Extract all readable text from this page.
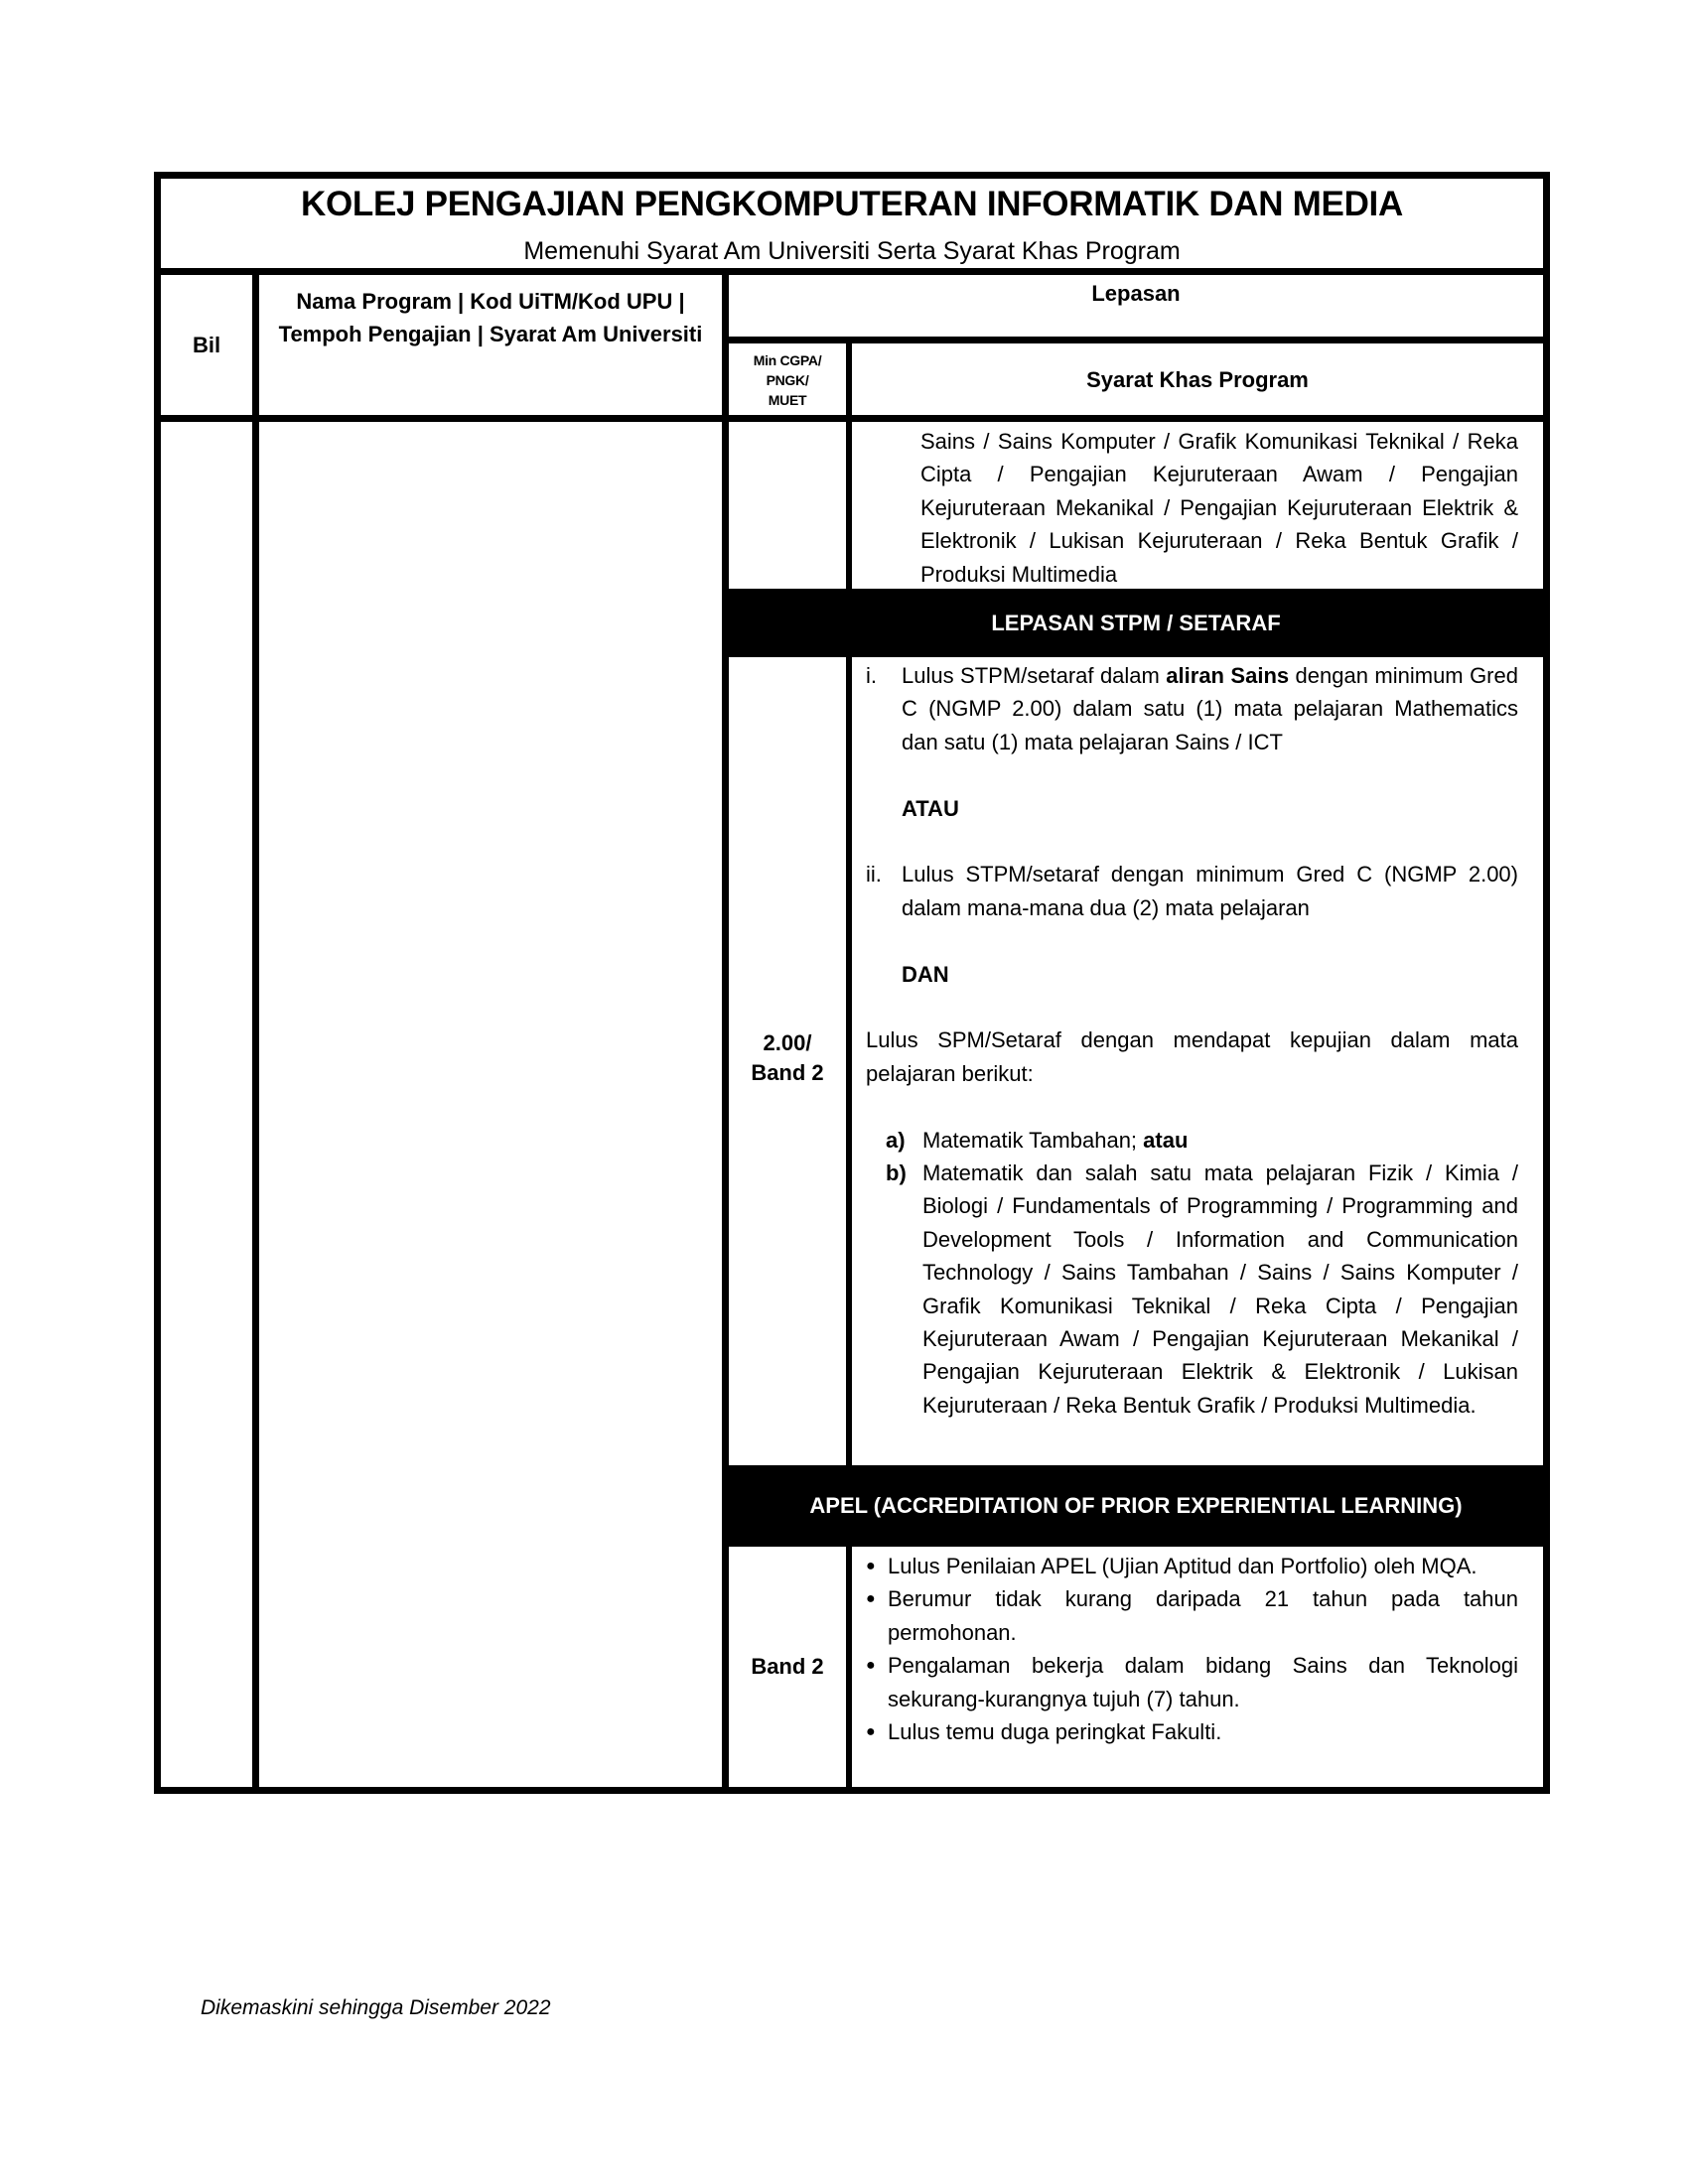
KOLEJ PENGAJIAN PENGKOMPUTERAN INFORMATIK DAN MEDIA
Memenuhi Syarat Am Universiti Serta Syarat Khas Program
Bil
Nama Program | Kod UiTM/Kod UPU | Tempoh Pengajian | Syarat Am Universiti
Lepasan
Min CGPA/ PNGK/ MUET
Syarat Khas Program

Sains / Sains Komputer / Grafik Komunikasi Teknikal / Reka Cipta / Pengajian Kejuruteraan Awam / Pengajian Kejuruteraan Mekanikal / Pengajian Kejuruteraan Elektrik & Elektronik / Lukisan Kejuruteraan / Reka Bentuk Grafik / Produksi Multimedia

LEPASAN STPM / SETARAF
2.00/
Band 2
i.	Lulus STPM/setaraf dalam aliran Sains dengan minimum Gred C (NGMP 2.00) dalam satu (1) mata pelajaran Mathematics dan satu (1) mata pelajaran Sains / ICT
ATAU
ii. Lulus STPM/setaraf dengan minimum Gred C (NGMP 2.00) dalam mana-mana dua (2) mata pelajaran
DAN

Lulus SPM/Setaraf dengan mendapat kepujian dalam mata pelajaran berikut:

a) Matematik Tambahan; atau
b) Matematik dan salah satu mata pelajaran Fizik / Kimia / Biologi / Fundamentals of Programming / Programming and Development Tools / Information and Communication Technology / Sains Tambahan / Sains / Sains Komputer / Grafik Komunikasi Teknikal / Reka Cipta / Pengajian Kejuruteraan Awam / Pengajian Kejuruteraan Mekanikal / Pengajian Kejuruteraan Elektrik & Elektronik / Lukisan Kejuruteraan / Reka Bentuk Grafik / Produksi Multimedia.
APEL (ACCREDITATION OF PRIOR EXPERIENTIAL LEARNING)
Band 2
● Lulus Penilaian APEL (Ujian Aptitud dan Portfolio) oleh MQA.
● Berumur tidak kurang daripada 21 tahun pada tahun permohonan.
● Pengalaman bekerja dalam bidang Sains dan Teknologi sekurang-kurangnya tujuh (7) tahun.
● Lulus temu duga peringkat Fakulti.
Dikemaskini sehingga Disember 2022
